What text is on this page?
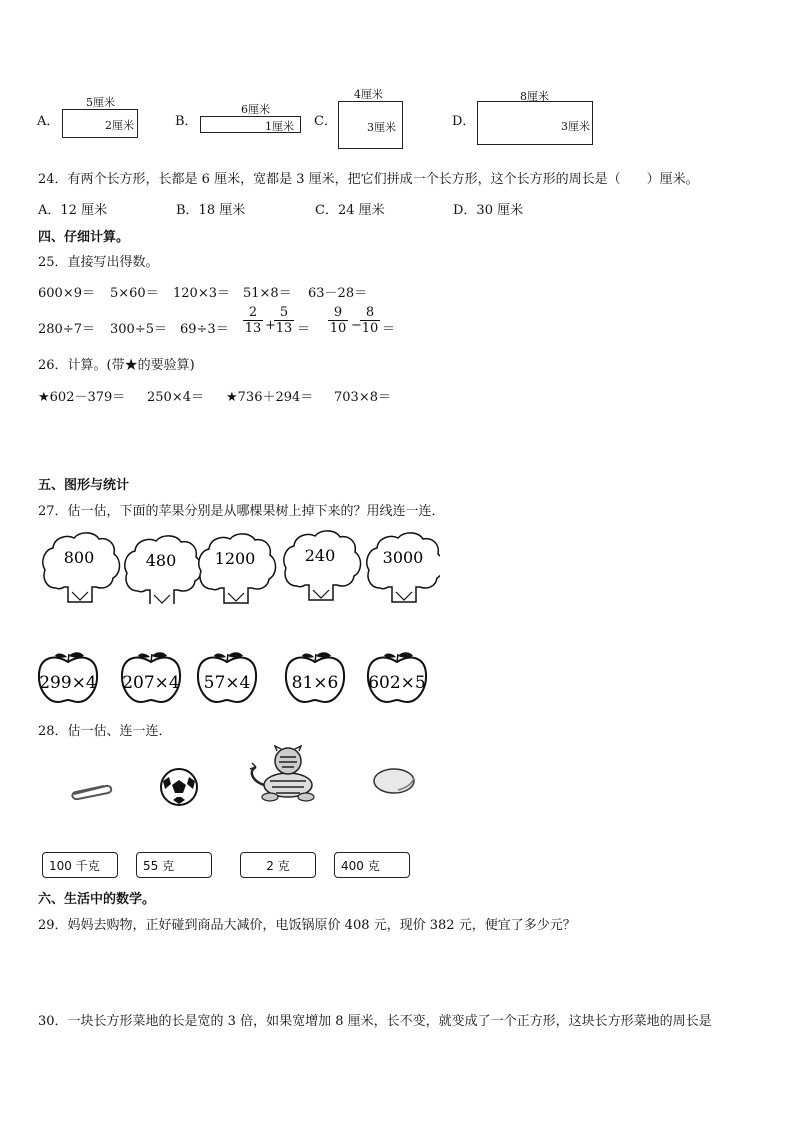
A．
5厘米
2厘米	B．
6厘米
1厘米 C．
4厘米
3厘米	D．
8厘米
3厘米
24．有两个长方形，长都是 6 厘米，宽都是 3 厘米，把它们拼成一个长方形，这个长方形的周长是（　　）厘米。
A．12 厘米	B．18 厘米	C．24 厘米	D．30 厘米
四、仔细计算。
25．直接写出得数。
600×9＝ 5×60＝ 120×3＝ 51×8＝ 63－28＝
280÷7＝ 300÷5＝ 69÷3＝
2
13 +
5
13 ＝
9
10 −
8
10 ＝
26．计算。(带★的要验算)
★602－379＝ 250×4＝ ★736＋294＝ 703×8＝
五、图形与统计
27．估一估，下面的苹果分别是从哪棵果树上掉下来的？用线连一连．
800	480 1200	240	3000
299×4 207×4 57×4 81×6 602×5
28．估一估、连一连．
100 千克	55 克	2 克	400 克
六、生活中的数学。
29．妈妈去购物，正好碰到商品大减价，电饭锅原价 408 元，现价 382 元，便宜了多少元？
30．一块长方形菜地的长是宽的 3 倍，如果宽增加 8 厘米，长不变，就变成了一个正方形，这块长方形菜地的周长是
